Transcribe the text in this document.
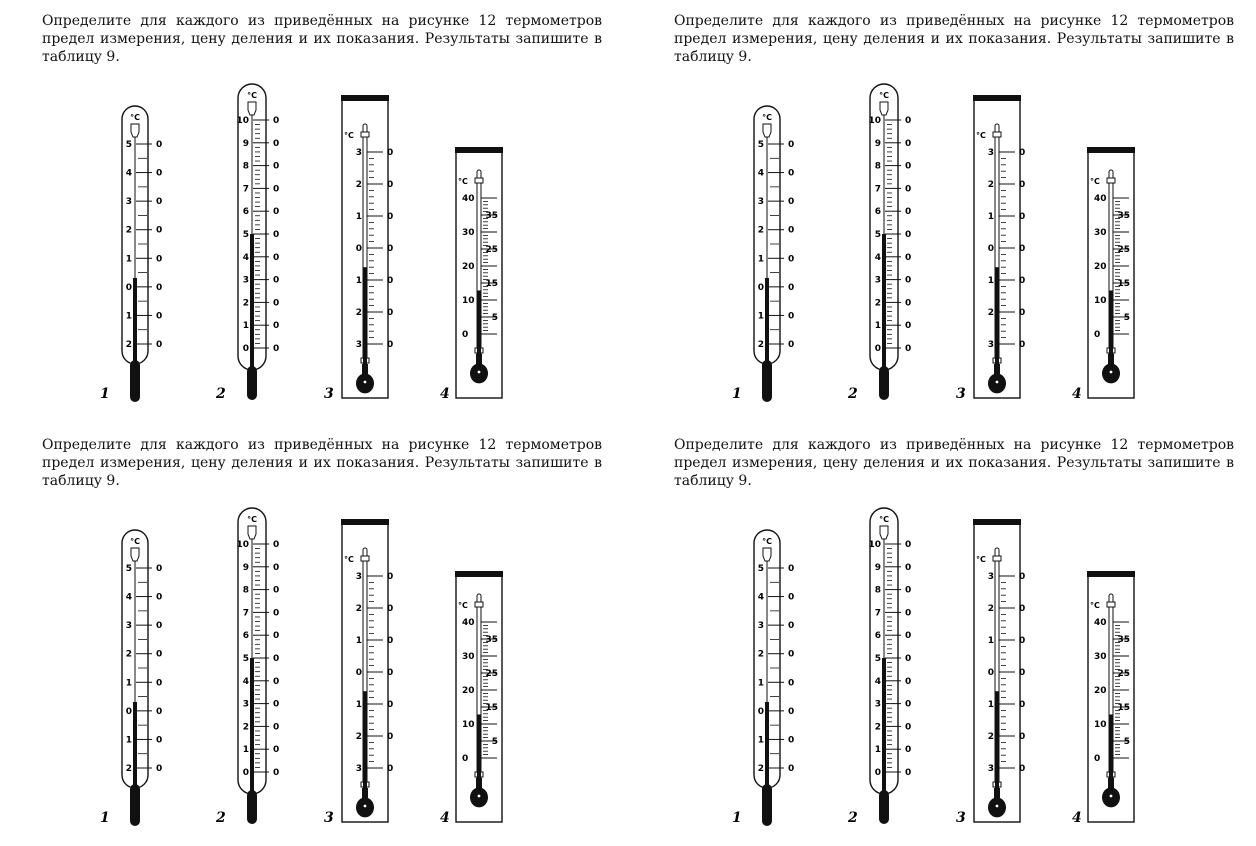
Определите для каждого из приведённых на рисунке 12 термометров предел измерения, цену деления и их показания. Результаты запишите в таблицу 9.

°C
5	0
4	0
3	0
2	0
1	0
0	0
1	0
2	0
1
°C
10	0
9	0
8	0
7	0
6	0
5	0
4	0
3	0
2	0
1	0
0	0
2
°C
3	0
2	0
1	0
0	0
1	0
2	0
3	0
3
°C
40
35
30
25
20
15
10
5
0
4

Определите для каждого из приведённых на рисунке 12 термометров предел измерения, цену деления и их показания. Результаты запишите в таблицу 9.

°C
5	0
4	0
3	0
2	0
1	0
0	0
1	0
2	0
1
°C
10	0
9	0
8	0
7	0
6	0
5	0
4	0
3	0
2	0
1	0
0	0
2
°C
3	0
2	0
1	0
0	0
1	0
2	0
3	0
3
°C
40
35
30
25
20
15
10
5
0
4

Определите для каждого из приведённых на рисунке 12 термометров предел измерения, цену деления и их показания. Результаты запишите в таблицу 9.

°C
5	0
4	0
3	0
2	0
1	0
0	0
1	0
2	0
1
°C
10	0
9	0
8	0
7	0
6	0
5	0
4	0
3	0
2	0
1	0
0	0
2
°C
3	0
2	0
1	0
0	0
1	0
2	0
3	0
3
°C
40
35
30
25
20
15
10
5
0
4

Определите для каждого из приведённых на рисунке 12 термометров предел измерения, цену деления и их показания. Результаты запишите в таблицу 9.

°C
5	0
4	0
3	0
2	0
1	0
0	0
1	0
2	0
1
°C
10	0
9	0
8	0
7	0
6	0
5	0
4	0
3	0
2	0
1	0
0	0
2
°C
3	0
2	0
1	0
0	0
1	0
2	0
3	0
3
°C
40
35
30
25
20
15
10
5
0
4
